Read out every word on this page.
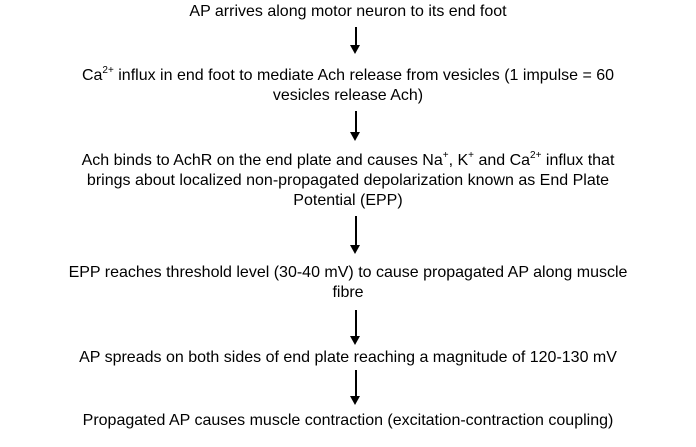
AP arrives along motor neuron to its end foot
$Ca^{2+}$ influx in end foot to mediate Ach release from vesicles (1 impulse = 60
vesicles release Ach)
Ach binds to AchR on the end plate and causes Na+, K+ and $Ca^{2+}$ influx that
brings about localized non-propagated depolarization known as End Plate
Potential (EPP)
EPP reaches threshold level (30-40 mV) to cause propagated AP along muscle
fibre
AP spreads on both sides of end plate reaching a magnitude of 120-130 mV
Propagated AP causes muscle contraction (excitation-contraction coupling)
